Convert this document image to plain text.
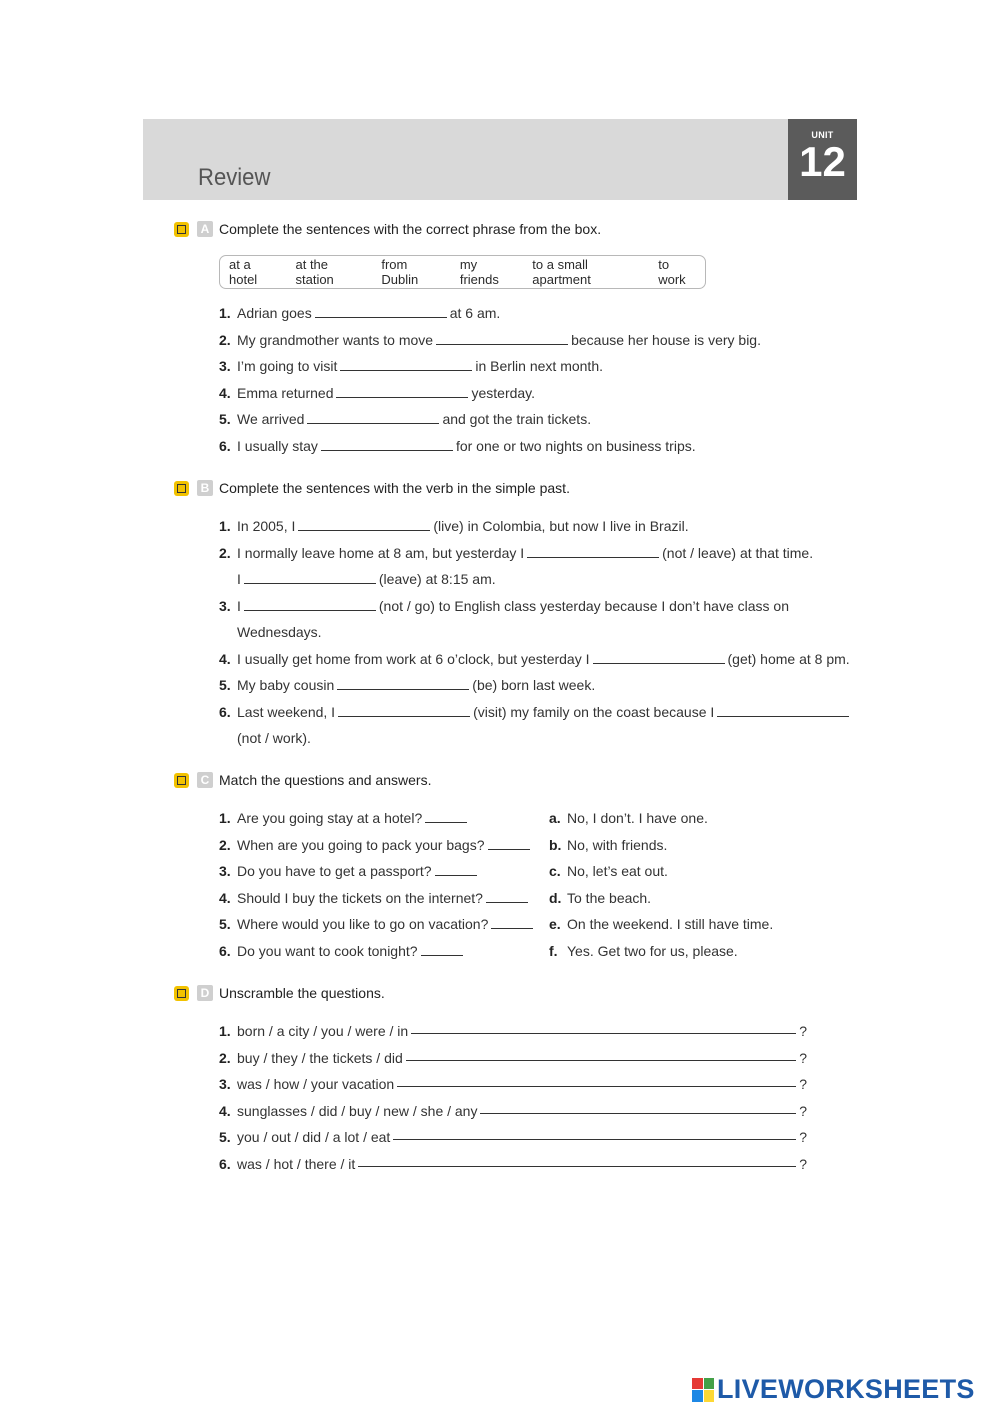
Review
UNIT
12
A Complete the sentences with the correct phrase from the box.
at a hotel
at the station
from Dublin
my friends
to a small apartment
to work
1. Adrian goes	at 6 am.
2. My grandmother wants to move	because her house is very big.
3. I’m going to visit	in Berlin next month.
4. Emma returned	yesterday.
5. We arrived	and got the train tickets.
6. I usually stay	for one or two nights on business trips.
B Complete the sentences with the verb in the simple past.
1. In 2005, I	(live) in Colombia, but now I live in Brazil.
2. I normally leave home at 8 am, but yesterday I	(not / leave) at that time.
I	(leave) at 8:15 am.
3. I	(not / go) to English class yesterday because I don’t have class on
Wednesdays.
4. I usually get home from work at 6 o’clock, but yesterday I	(get) home at 8 pm.
5. My baby cousin	(be) born last week.
6. Last weekend, I	(visit) my family on the coast because I
(not / work).
C Match the questions and answers.
1. Are you going stay at a hotel?
2. When are you going to pack your bags?
3. Do you have to get a passport?
4. Should I buy the tickets on the internet?
5. Where would you like to go on vacation?
6. Do you want to cook tonight?
a. No, I don’t. I have one.
b. No, with friends.
c. No, let’s eat out.
d. To the beach.
e. On the weekend. I still have time.
f. Yes. Get two for us, please.
D Unscramble the questions.
1. born / a city / you / were / in	?
2. buy / they / the tickets / did	?
3. was / how / your vacation	?
4. sunglasses / did / buy / new / she / any	?
5. you / out / did / a lot / eat	?
6. was / hot / there / it	?
LIVEWORKSHEETS
